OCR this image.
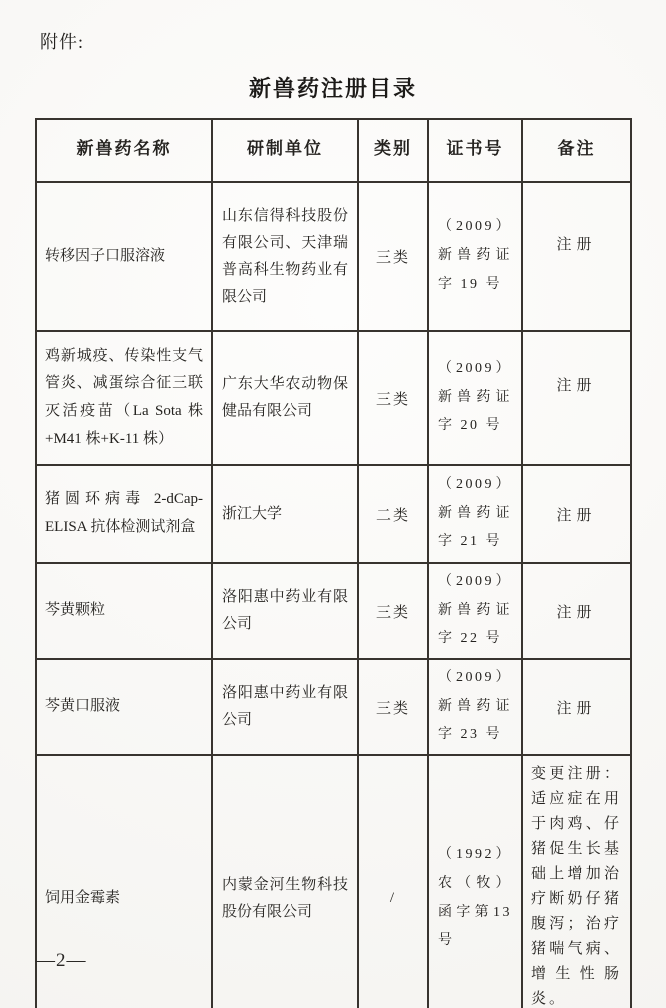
附件:
新兽药注册目录
新兽药名称	研制单位	类别	证书号	备注
转移因子口服溶液	山东信得科技股份有限公司、天津瑞普高科生物药业有限公司	三类	（2009）新兽药证字 19 号	注册
鸡新城疫、传染性支气管炎、减蛋综合征三联灭活疫苗（La Sota 株+M41 株+K-11 株）	广东大华农动物保健品有限公司	三类	（2009）新兽药证字 20 号	注册
猪圆环病毒 2-dCap-ELISA 抗体检测试剂盒	浙江大学	二类	（2009）新兽药证字 21 号	注册
芩黄颗粒	洛阳惠中药业有限公司	三类	（2009）新兽药证字 22 号	注册
芩黄口服液	洛阳惠中药业有限公司	三类	（2009）新兽药证字 23 号	注册
饲用金霉素	内蒙金河生物科技股份有限公司	/	（1992）农（牧）函字第13号	变更注册：适应症在用于肉鸡、仔猪促生长基础上增加治疗断奶仔猪腹泻；治疗猪喘气病、增生性肠炎。
—2—
